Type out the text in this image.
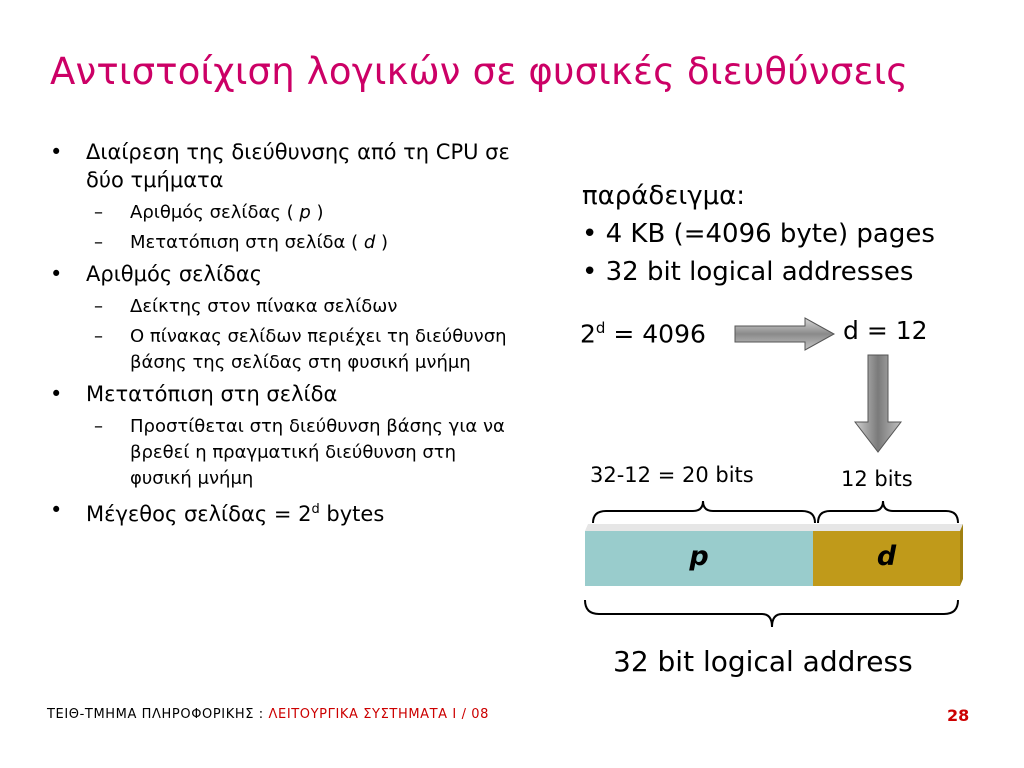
Αντιστοίχιση λογικών σε φυσικές διευθύνσεις
• Διαίρεση της διεύθυνσης από τη CPU σε δύο τμήματα
– Αριθμός σελίδας ( p )
– Μετατόπιση στη σελίδα ( d )
• Αριθμός σελίδας
– Δείκτης στον πίνακα σελίδων
– Ο πίνακας σελίδων περιέχει τη διεύθυνση βάσης της σελίδας στη φυσική μνήμη
• Μετατόπιση στη σελίδα
– Προστίθεται στη διεύθυνση βάσης για να βρεθεί η πραγματική διεύθυνση στη φυσική μνήμη
• Μέγεθος $\sigma\varepsilon\lambda ί\delta\alpha\varsigma = 2^d$ bytes
παράδειγμα:
• 4 KB (=4096 byte) pages
• 32 bit logical addresses
$2^d = 4096$	d = 12
32-12 = 20 bits	12 bits
p	d
32 bit logical address
ΤΕΙΘ-ΤΜΗΜΑ ΠΛΗΡΟΦΟΡΙΚΗΣ : ΛΕΙΤΟΥΡΓΙΚΑ ΣΥΣΤΗΜΑΤΑ Ι / 08	28
